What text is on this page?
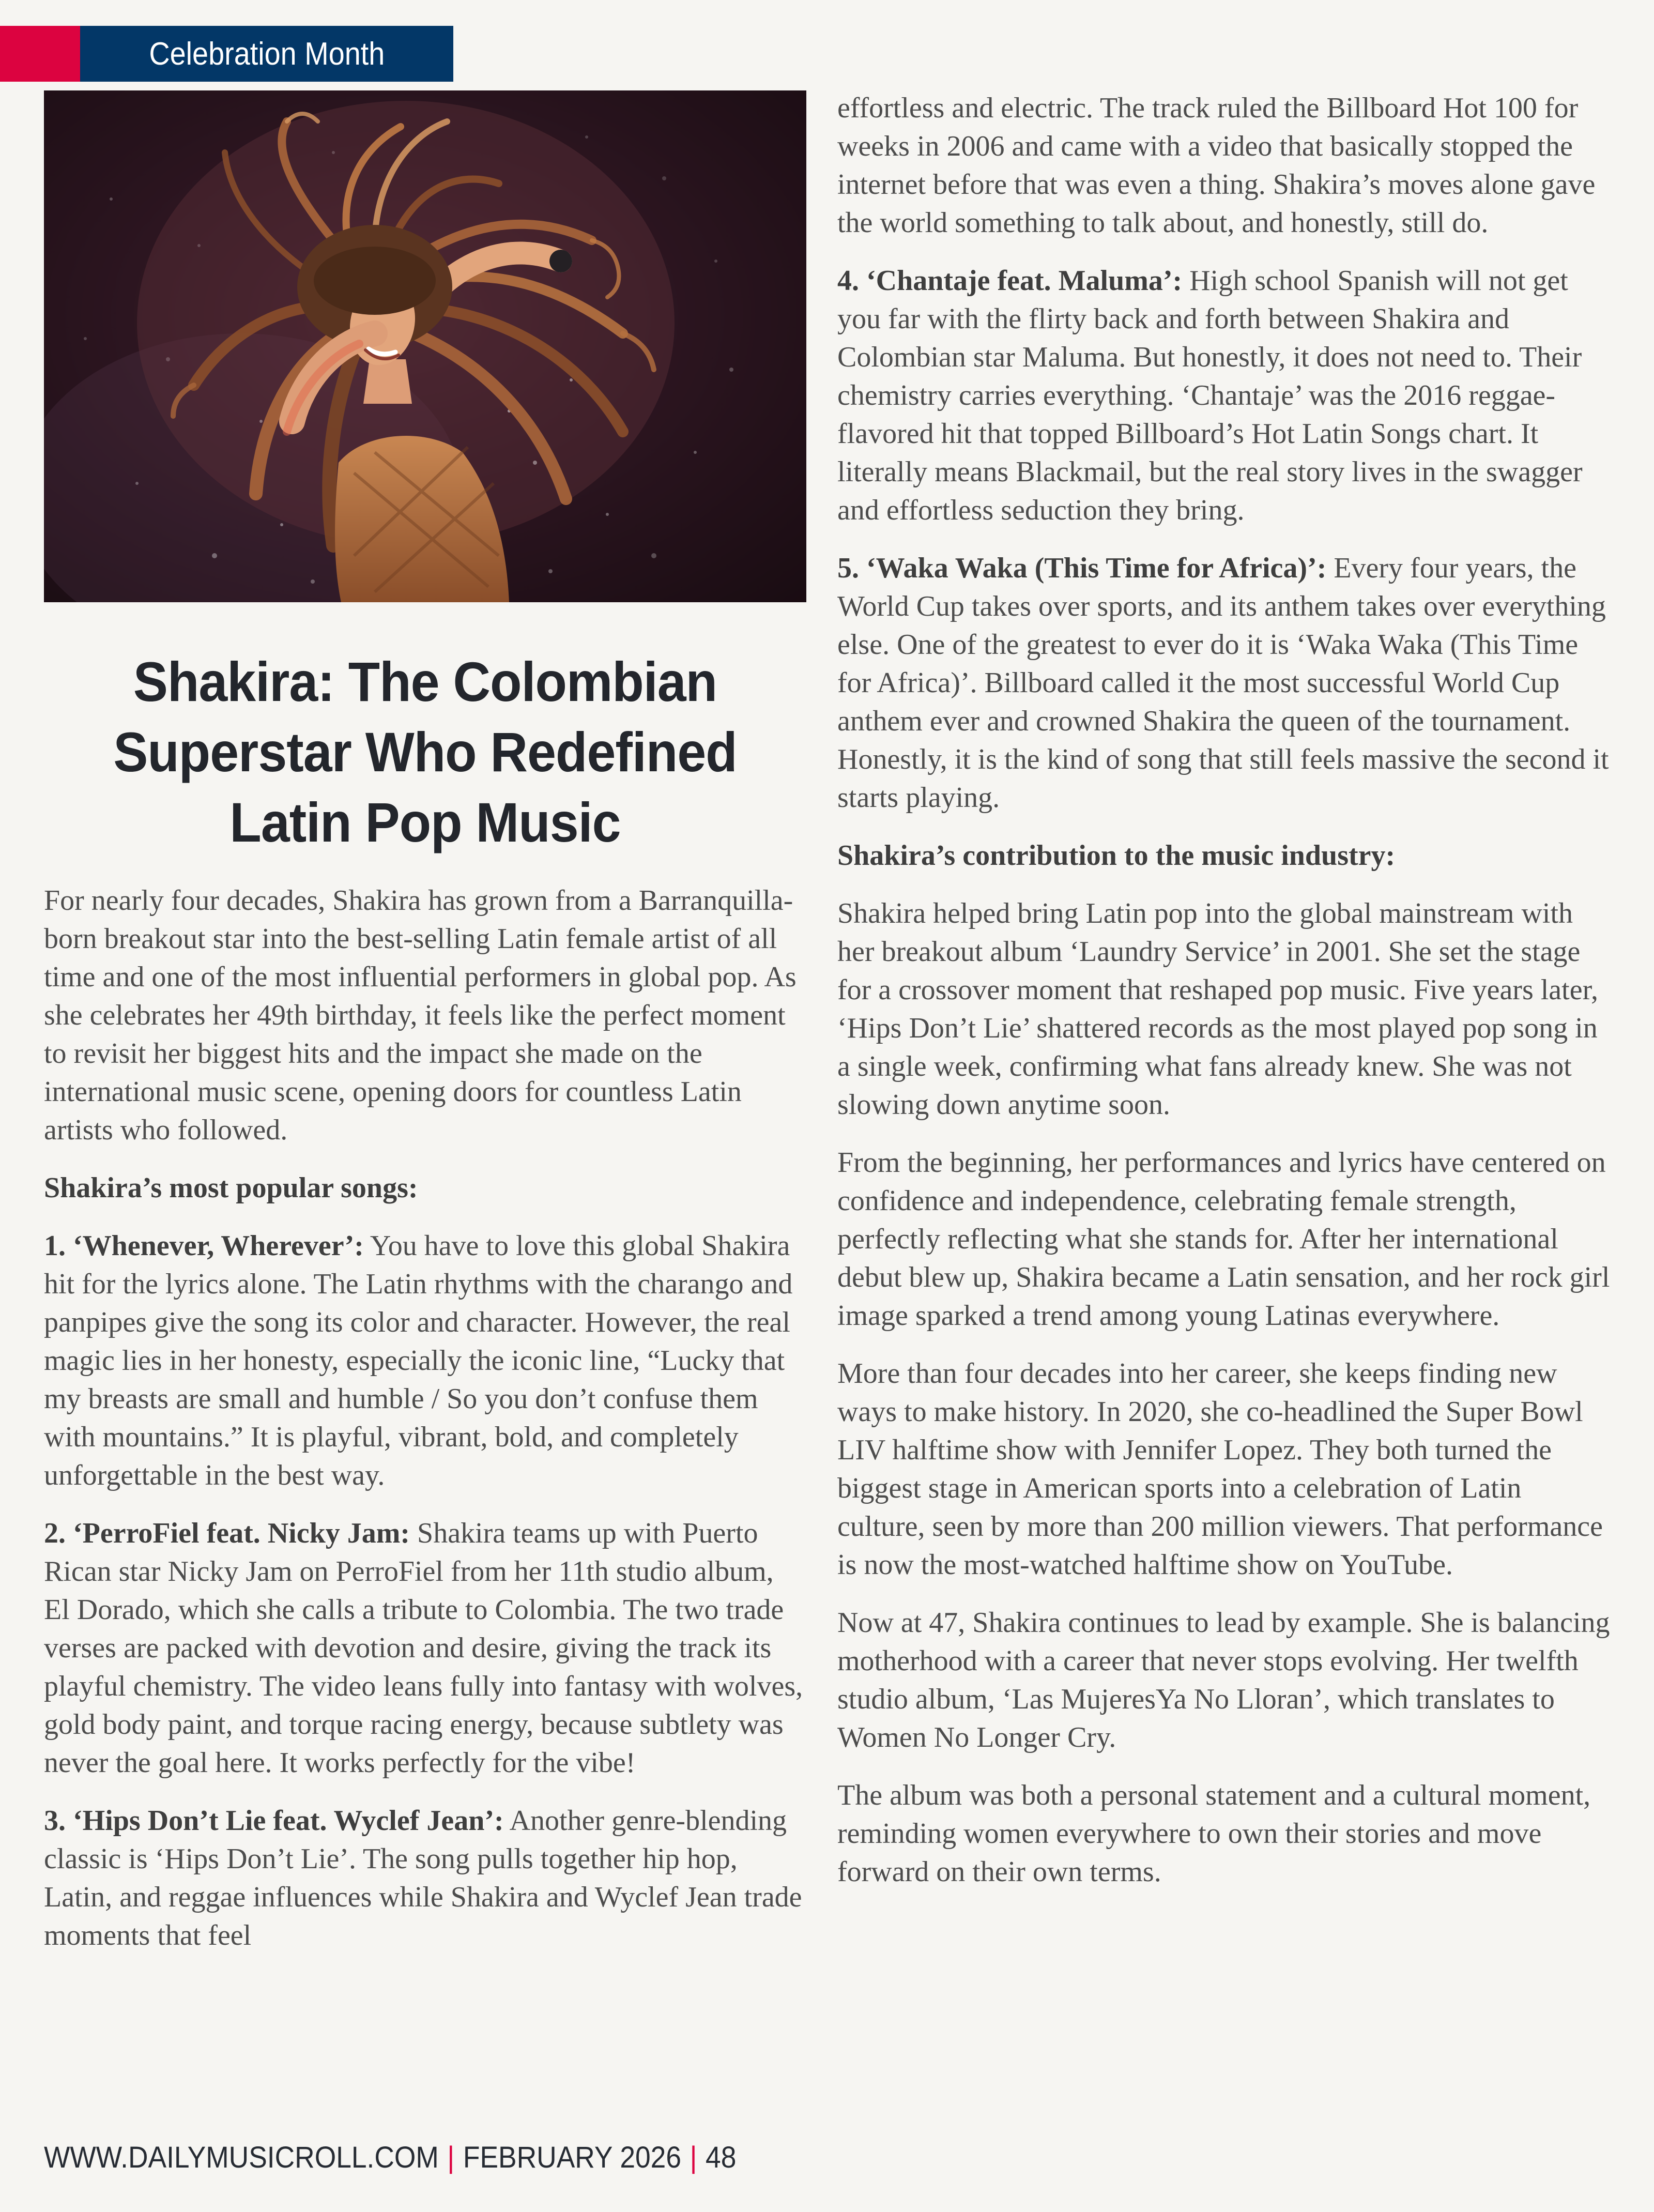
Celebration Month
Shakira: The Colombian
Superstar Who Redefined
Latin Pop Music

For nearly four decades, Shakira has grown from a Barranquilla-born breakout star into the best-selling Latin female artist of all time and one of the most influential performers in global pop. As she celebrates her 49th birthday, it feels like the perfect moment to revisit her biggest hits and the impact she made on the international music scene, opening doors for countless Latin artists who followed.

Shakira’s most popular songs:

1. ‘Whenever, Wherever’: You have to love this global Shakira hit for the lyrics alone. The Latin rhythms with the charango and panpipes give the song its color and character. However, the real magic lies in her honesty, especially the iconic line, “Lucky that my breasts are small and humble / So you don’t confuse them with mountains.” It is playful, vibrant, bold, and completely unforgettable in the best way.

2. ‘PerroFiel feat. Nicky Jam: Shakira teams up with Puerto Rican star Nicky Jam on PerroFiel from her 11th studio album, El Dorado, which she calls a tribute to Colombia. The two trade verses are packed with devotion and desire, giving the track its playful chemistry. The video leans fully into fantasy with wolves, gold body paint, and torque racing energy, because subtlety was never the goal here. It works perfectly for the vibe!

3. ‘Hips Don’t Lie feat. Wyclef Jean’: Another genre-blending classic is ‘Hips Don’t Lie’. The song pulls together hip hop, Latin, and reggae influences while Shakira and Wyclef Jean trade moments that feel

effortless and electric. The track ruled the Billboard Hot 100 for weeks in 2006 and came with a video that basically stopped the internet before that was even a thing. Shakira’s moves alone gave the world something to talk about, and honestly, still do.

4. ‘Chantaje feat. Maluma’: High school Spanish will not get you far with the flirty back and forth between Shakira and Colombian star Maluma. But honestly, it does not need to. Their chemistry carries everything. ‘Chantaje’ was the 2016 reggae-flavored hit that topped Billboard’s Hot Latin Songs chart. It literally means Blackmail, but the real story lives in the swagger and effortless seduction they bring.

5. ‘Waka Waka (This Time for Africa)’: Every four years, the World Cup takes over sports, and its anthem takes over everything else. One of the greatest to ever do it is ‘Waka Waka (This Time for Africa)’. Billboard called it the most successful World Cup anthem ever and crowned Shakira the queen of the tournament. Honestly, it is the kind of song that still feels massive the second it starts playing.

Shakira’s contribution to the music industry:

Shakira helped bring Latin pop into the global mainstream with her breakout album ‘Laundry Service’ in 2001. She set the stage for a crossover moment that reshaped pop music. Five years later, ‘Hips Don’t Lie’ shattered records as the most played pop song in a single week, confirming what fans already knew. She was not slowing down anytime soon.

From the beginning, her performances and lyrics have centered on confidence and independence, celebrating female strength, perfectly reflecting what she stands for. After her international debut blew up, Shakira became a Latin sensation, and her rock girl image sparked a trend among young Latinas everywhere.

More than four decades into her career, she keeps finding new ways to make history. In 2020, she co-headlined the Super Bowl LIV halftime show with Jennifer Lopez. They both turned the biggest stage in American sports into a celebration of Latin culture, seen by more than 200 million viewers. That performance is now the most-watched halftime show on YouTube.

Now at 47, Shakira continues to lead by example. She is balancing motherhood with a career that never stops evolving. Her twelfth studio album, ‘Las MujeresYa No Lloran’, which translates to Women No Longer Cry.

The album was both a personal statement and a cultural moment, reminding women everywhere to own their stories and move forward on their own terms.

WWW.DAILYMUSICROLL.COM | FEBRUARY 2026 | 48
